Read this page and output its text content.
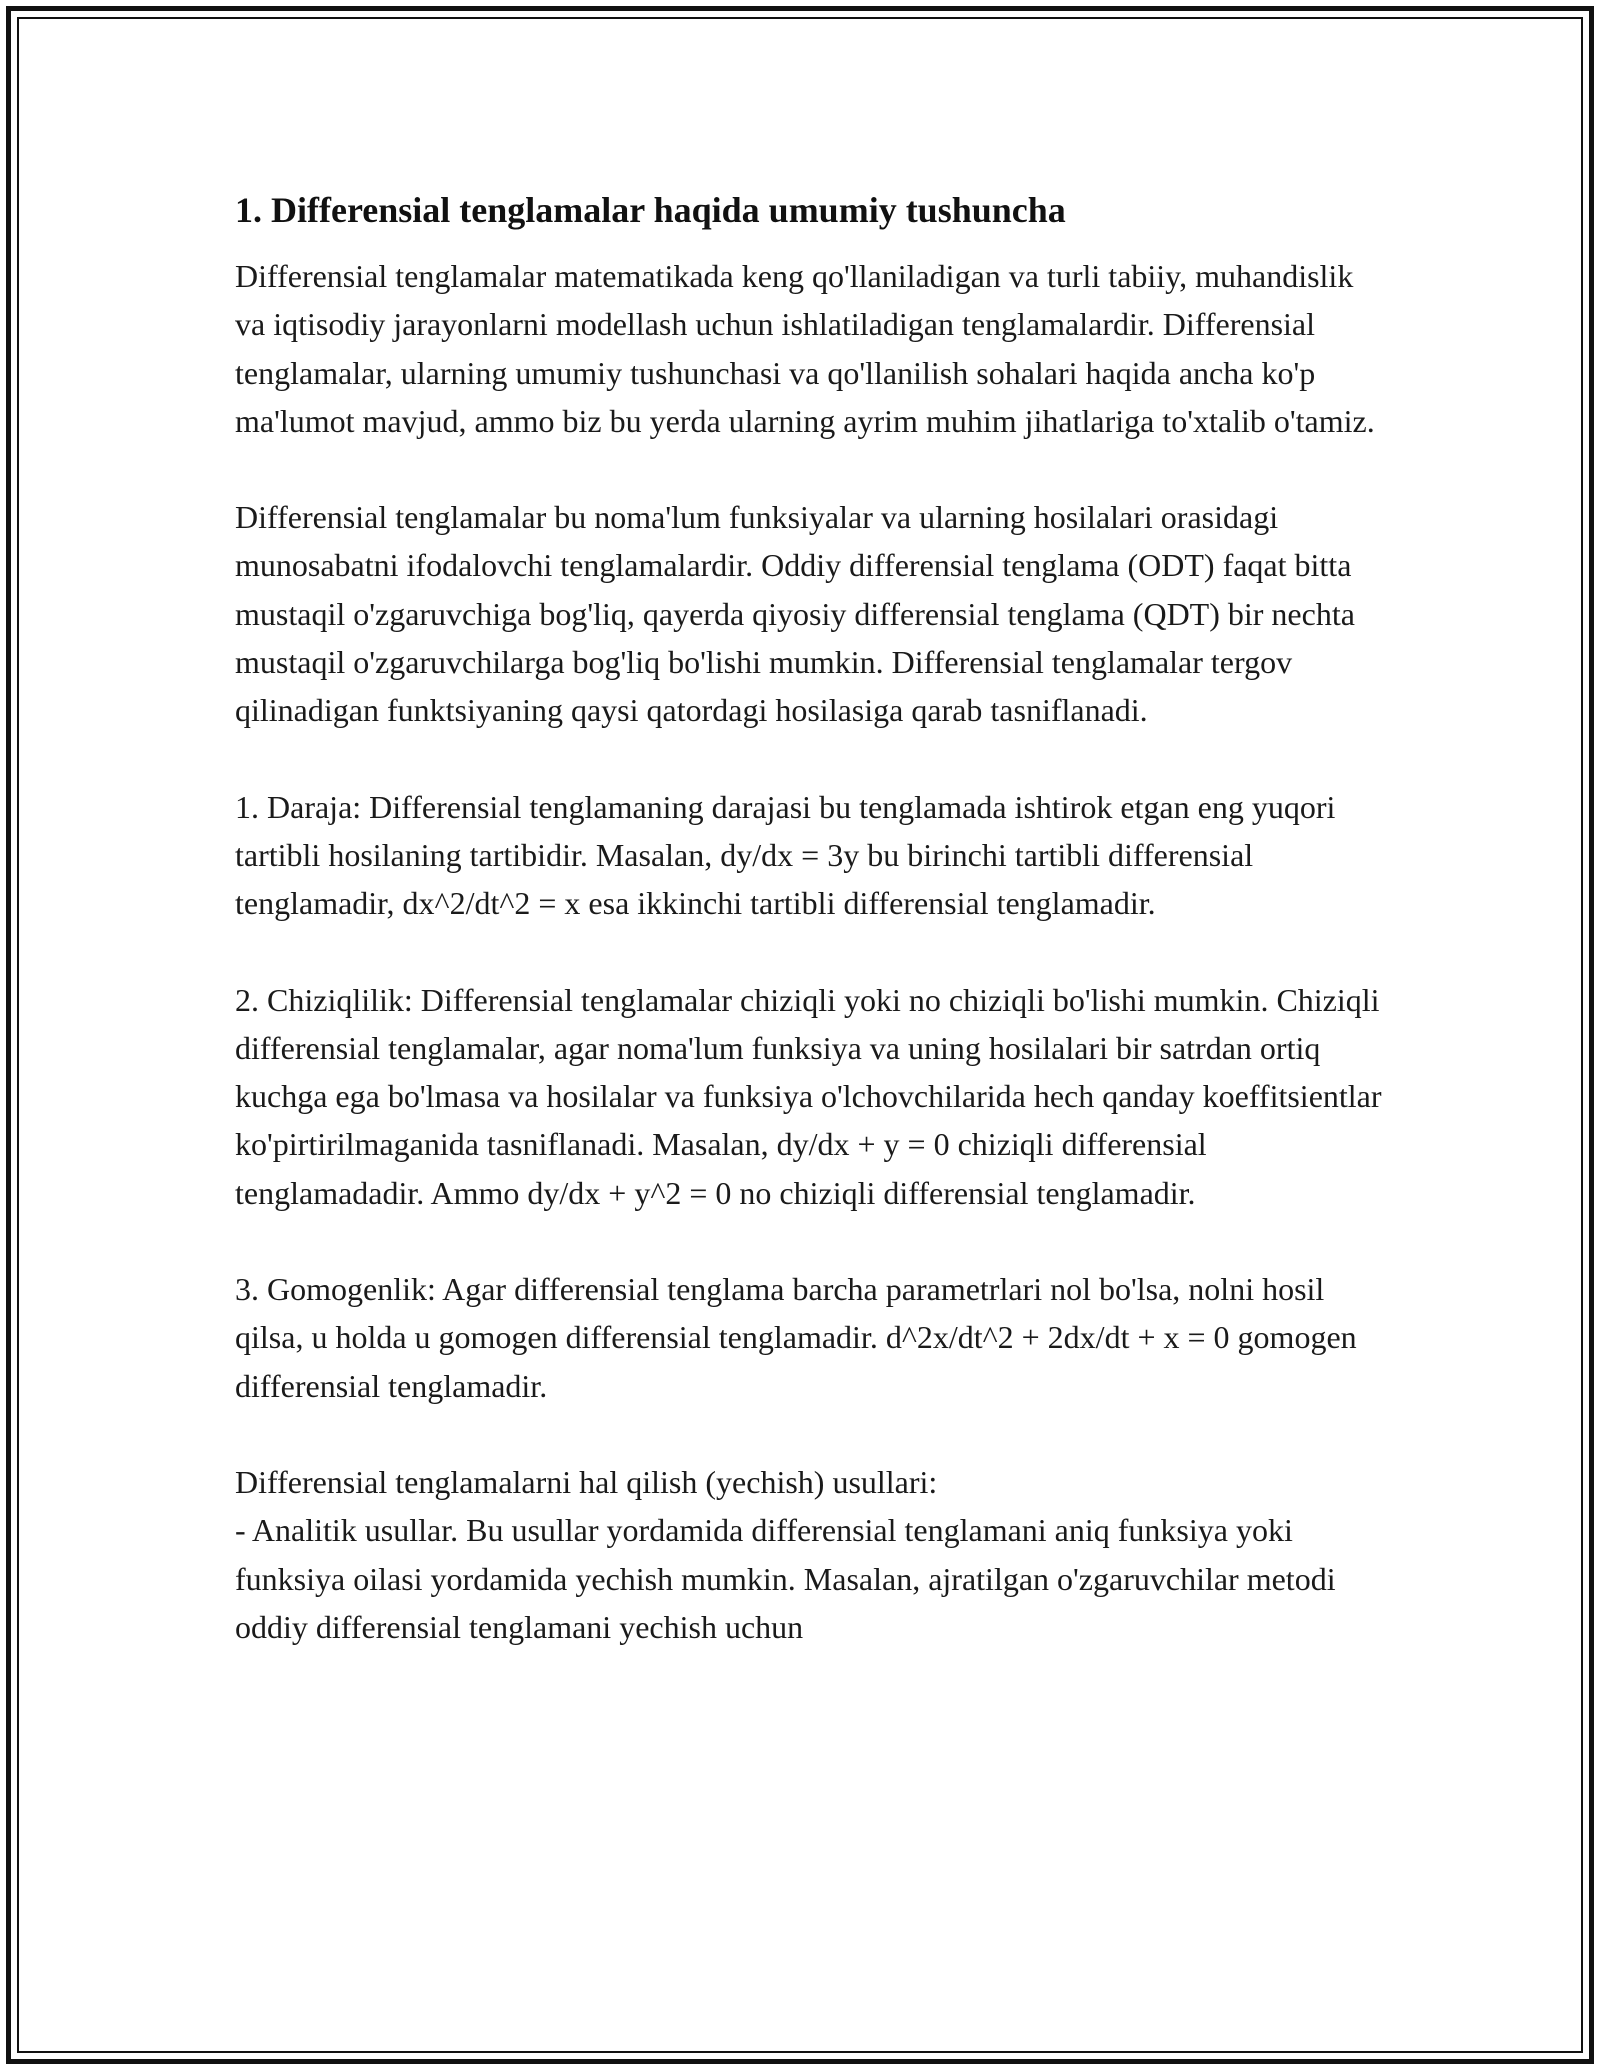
1. Differensial tenglamalar haqida umumiy tushuncha

Differensial tenglamalar matematikada keng qo'llaniladigan va turli tabiiy, muhandislik va iqtisodiy jarayonlarni modellash uchun ishlatiladigan tenglamalardir. Differensial tenglamalar, ularning umumiy tushunchasi va qo'llanilish sohalari haqida ancha ko'p ma'lumot mavjud, ammo biz bu yerda ularning ayrim muhim jihatlariga to'xtalib o'tamiz.

Differensial tenglamalar bu noma'lum funksiyalar va ularning hosilalari orasidagi munosabatni ifodalovchi tenglamalardir. Oddiy differensial tenglama (ODT) faqat bitta mustaqil o'zgaruvchiga bog'liq, qayerda qiyosiy differensial tenglama (QDT) bir nechta mustaqil o'zgaruvchilarga bog'liq bo'lishi mumkin. Differensial tenglamalar tergov qilinadigan funktsiyaning qaysi qatordagi hosilasiga qarab tasniflanadi.

1. Daraja: Differensial tenglamaning darajasi bu tenglamada ishtirok etgan eng yuqori tartibli hosilaning tartibidir. Masalan, dy/dx = 3y bu birinchi tartibli differensial tenglamadir, dx^2/dt^2 = x esa ikkinchi tartibli differensial tenglamadir.

2. Chiziqlilik: Differensial tenglamalar chiziqli yoki no chiziqli bo'lishi mumkin. Chiziqli differensial tenglamalar, agar noma'lum funksiya va uning hosilalari bir satrdan ortiq kuchga ega bo'lmasa va hosilalar va funksiya o'lchovchilarida hech qanday koeffitsientlar ko'pirtirilmaganida tasniflanadi. Masalan, dy/dx + y = 0 chiziqli differensial tenglamadadir. Ammo dy/dx + y^2 = 0 no chiziqli differensial tenglamadir.

3. Gomogenlik: Agar differensial tenglama barcha parametrlari nol bo'lsa, nolni hosil qilsa, u holda u gomogen differensial tenglamadir. d^2x/dt^2 + 2dx/dt + x = 0 gomogen differensial tenglamadir.

Differensial tenglamalarni hal qilish (yechish) usullari:

- Analitik usullar. Bu usullar yordamida differensial tenglamani aniq funksiya yoki funksiya oilasi yordamida yechish mumkin. Masalan, ajratilgan o'zgaruvchilar metodi oddiy differensial tenglamani yechish uchun
